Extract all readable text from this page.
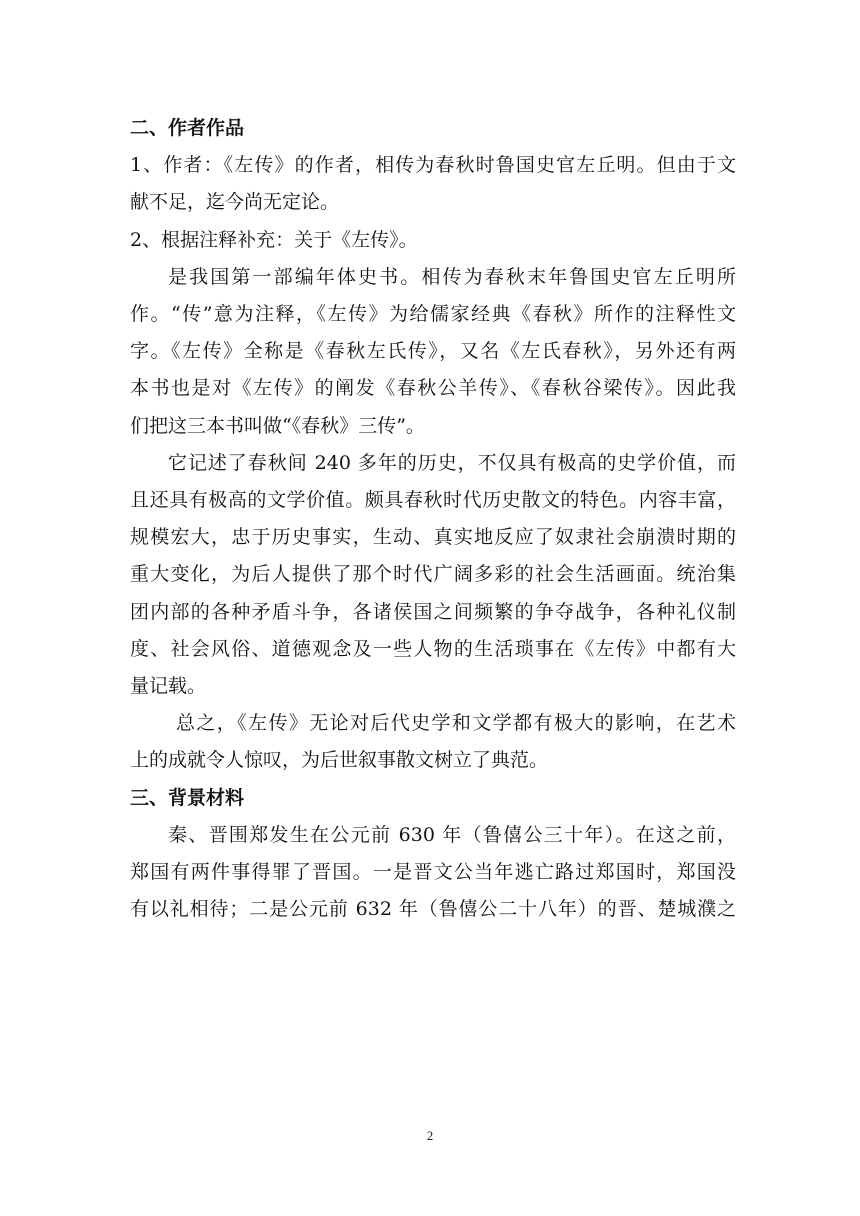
二、作者作品
1、作者：《左传》的作者，相传为春秋时鲁国史官左丘明。但由于文
献不足，迄今尚无定论。
2、根据注释补充：关于《左传》。
是我国第一部编年体史书。相传为春秋末年鲁国史官左丘明所
作。“传”意为注释，《左传》为给儒家经典《春秋》所作的注释性文
字。《左传》全称是《春秋左氏传》，又名《左氏春秋》，另外还有两
本书也是对《左传》的阐发《春秋公羊传》、《春秋谷梁传》。因此我
们把这三本书叫做“《春秋》三传”。
它记述了春秋间 240 多年的历史，不仅具有极高的史学价值，而
且还具有极高的文学价值。颇具春秋时代历史散文的特色。内容丰富，
规模宏大，忠于历史事实，生动、真实地反应了奴隶社会崩溃时期的
重大变化，为后人提供了那个时代广阔多彩的社会生活画面。统治集
团内部的各种矛盾斗争，各诸侯国之间频繁的争夺战争，各种礼仪制
度、社会风俗、道德观念及一些人物的生活琐事在《左传》中都有大
量记载。
总之，《左传》无论对后代史学和文学都有极大的影响，在艺术
上的成就令人惊叹，为后世叙事散文树立了典范。
三、背景材料
秦、晋围郑发生在公元前 630 年（鲁僖公三十年）。在这之前，
郑国有两件事得罪了晋国。一是晋文公当年逃亡路过郑国时，郑国没
有以礼相待；二是公元前 632 年（鲁僖公二十八年）的晋、楚城濮之
2
